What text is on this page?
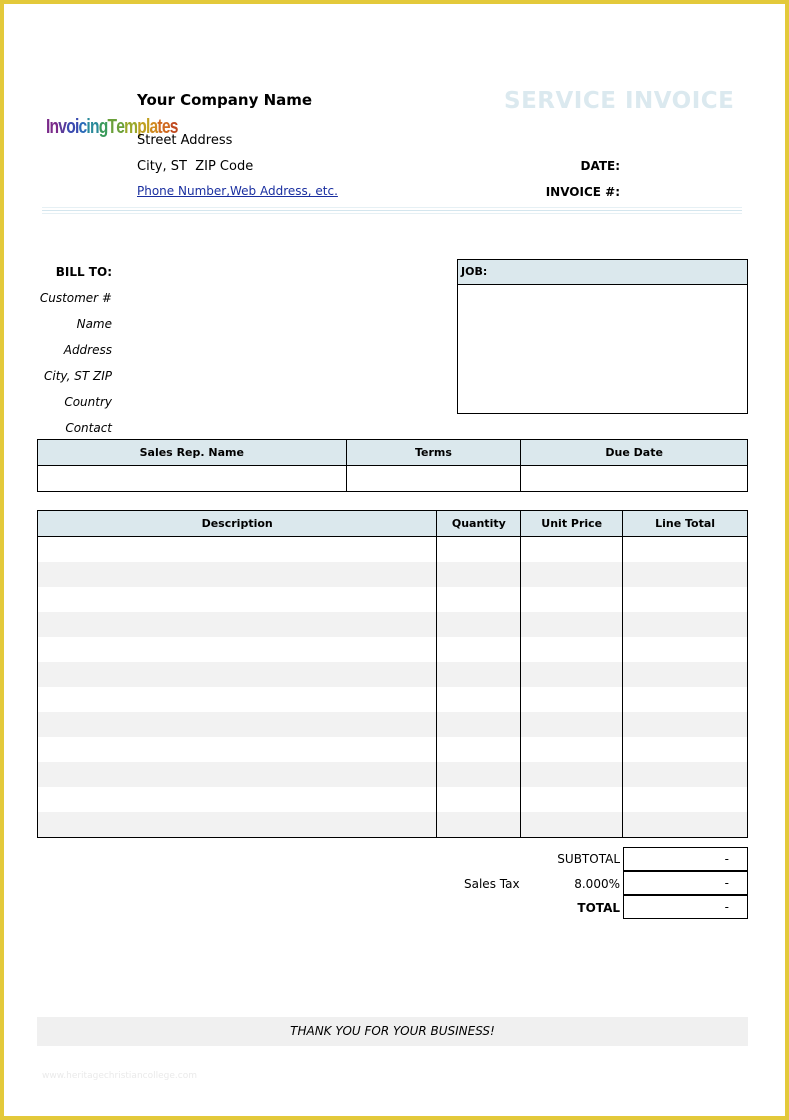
InvoicingTemplates
Your Company Name
Street Address
City, ST  ZIP Code
Phone Number,Web Address, etc.
SERVICE INVOICE
DATE:
INVOICE #:
BILL TO:
Customer #
Name
Address
City, ST ZIP
Country
Contact
JOB:
Sales Rep. Name	Terms	Due Date

Description	Quantity	Unit Price	Line Total

SUBTOTAL	-
Sales Tax	8.000%	-
TOTAL	-
THANK YOU FOR YOUR BUSINESS!
www.heritagechristiancollege.com
